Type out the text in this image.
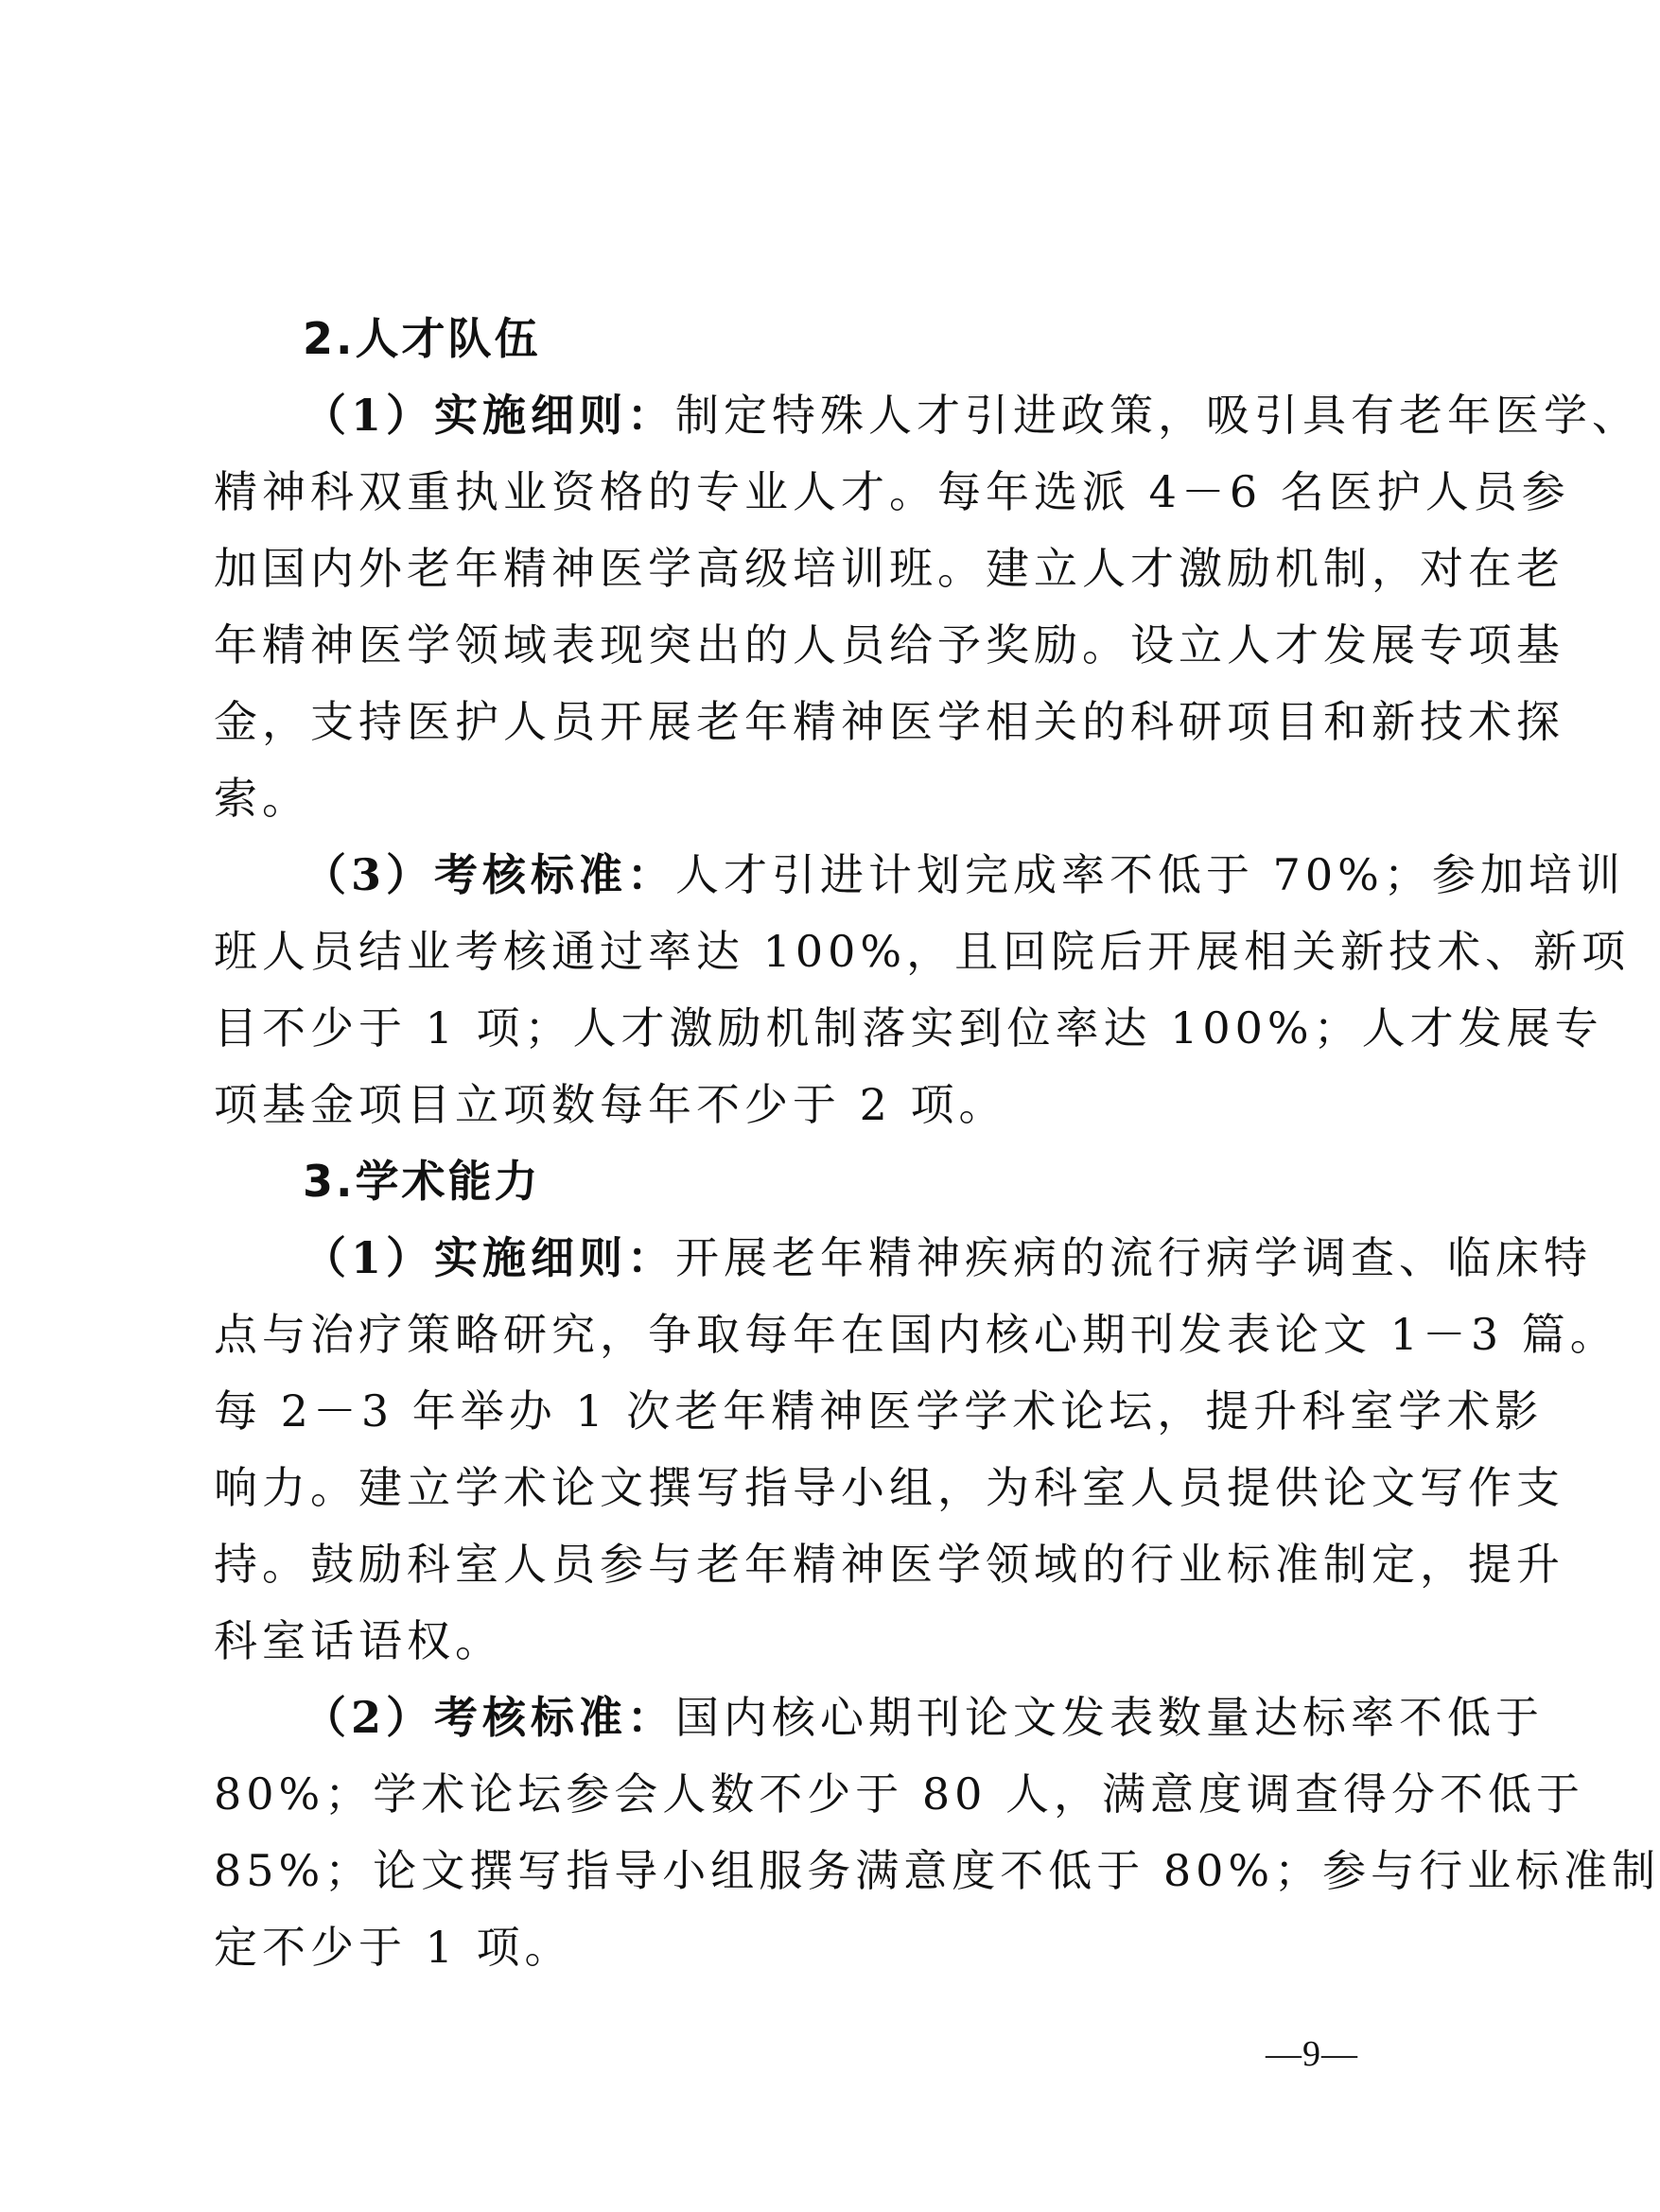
2.人才队伍
（1）实施细则：制定特殊人才引进政策，吸引具有老年医学、
精神科双重执业资格的专业人才。每年选派 4－6 名医护人员参
加国内外老年精神医学高级培训班。建立人才激励机制，对在老
年精神医学领域表现突出的人员给予奖励。设立人才发展专项基
金，支持医护人员开展老年精神医学相关的科研项目和新技术探
索。
（3）考核标准：人才引进计划完成率不低于 70%；参加培训
班人员结业考核通过率达 100%，且回院后开展相关新技术、新项
目不少于 1 项；人才激励机制落实到位率达 100%；人才发展专
项基金项目立项数每年不少于 2 项。
3.学术能力
（1）实施细则：开展老年精神疾病的流行病学调查、临床特
点与治疗策略研究，争取每年在国内核心期刊发表论文 1－3 篇。
每 2－3 年举办 1 次老年精神医学学术论坛，提升科室学术影
响力。建立学术论文撰写指导小组，为科室人员提供论文写作支
持。鼓励科室人员参与老年精神医学领域的行业标准制定，提升
科室话语权。
（2）考核标准：国内核心期刊论文发表数量达标率不低于
80%；学术论坛参会人数不少于 80 人，满意度调查得分不低于
85%；论文撰写指导小组服务满意度不低于 80%；参与行业标准制
定不少于 1 项。
—9—
